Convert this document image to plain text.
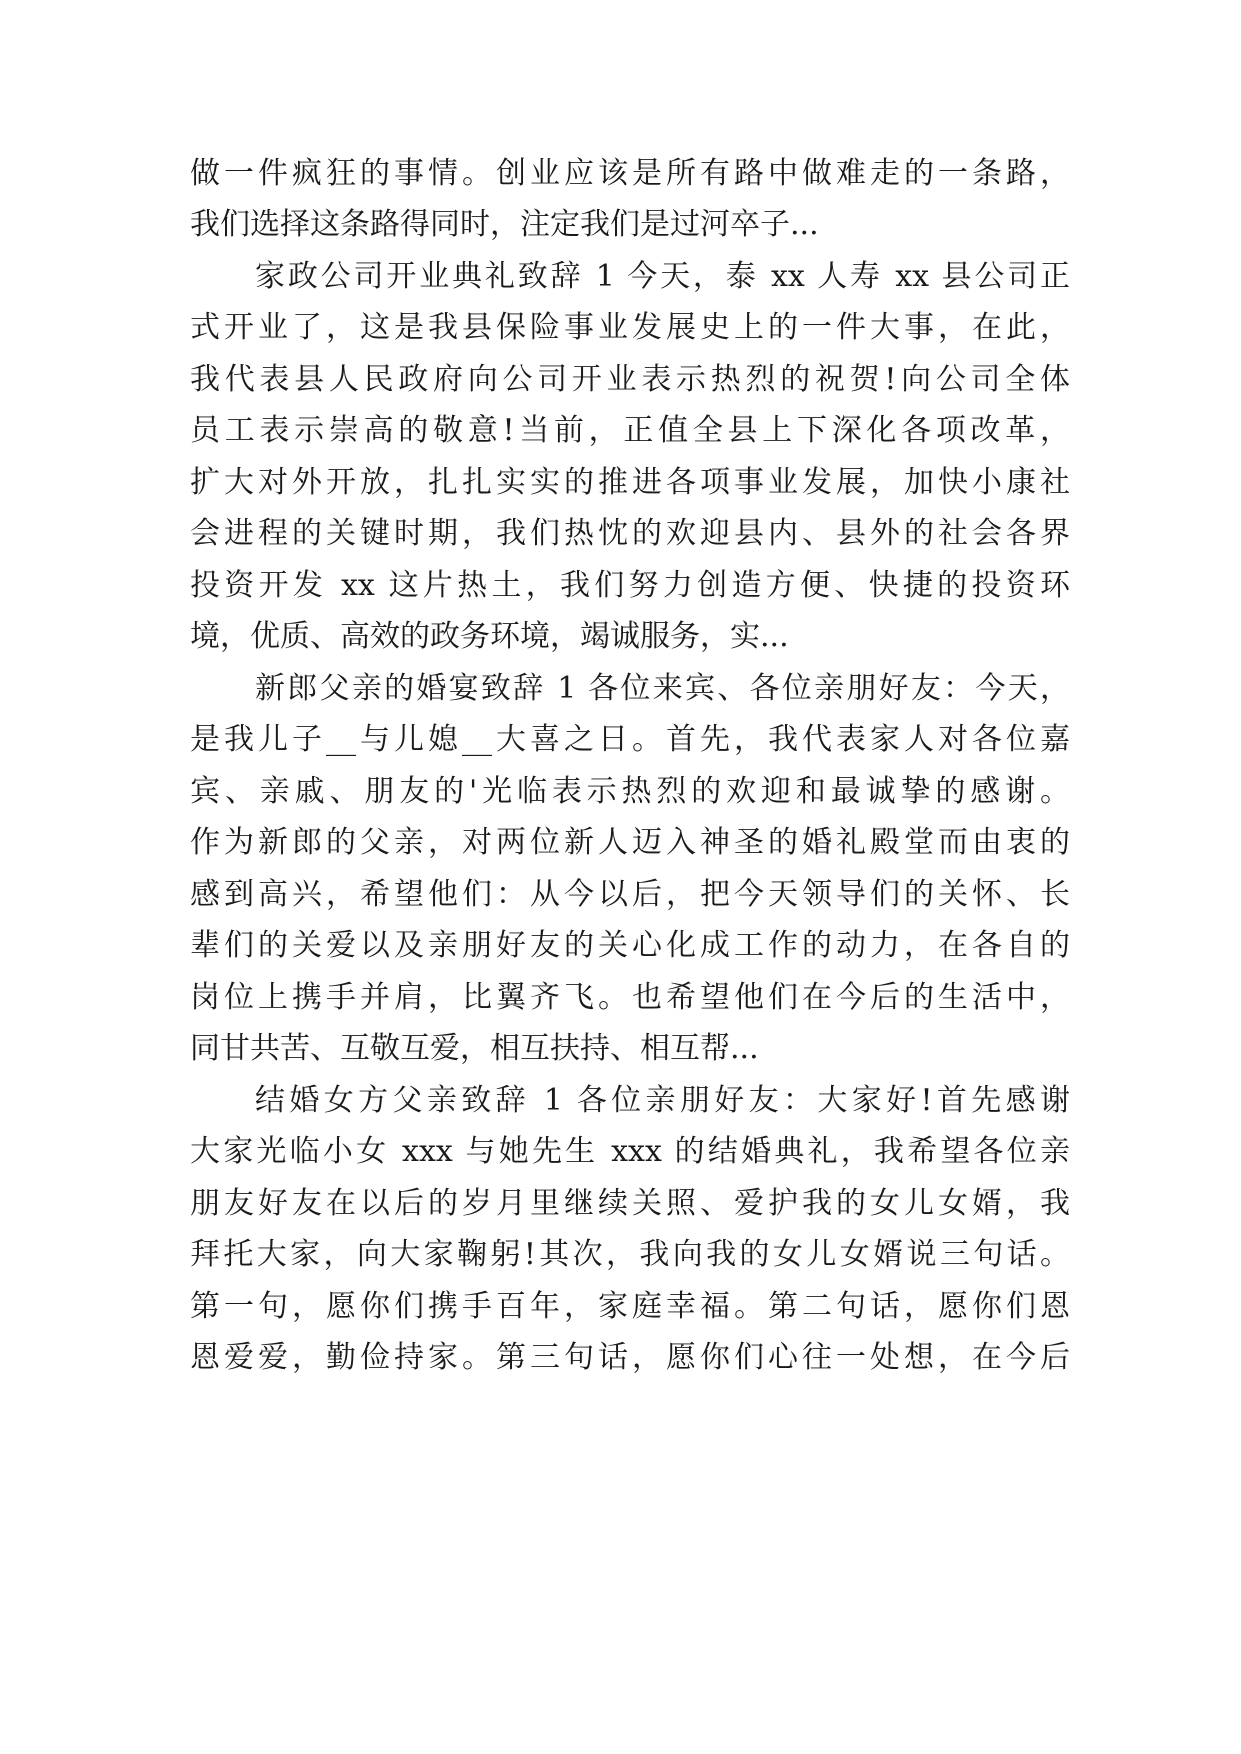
做一件疯狂的事情。创业应该是所有路中做难走的一条路，
我们选择这条路得同时，注定我们是过河卒子...
家政公司开业典礼致辞 1 今天，泰 xx 人寿 xx 县公司正
式开业了，这是我县保险事业发展史上的一件大事，在此，
我代表县人民政府向公司开业表示热烈的祝贺!向公司全体
员工表示崇高的敬意!当前，正值全县上下深化各项改革，
扩大对外开放，扎扎实实的推进各项事业发展，加快小康社
会进程的关键时期，我们热忱的欢迎县内、县外的社会各界
投资开发 xx 这片热土，我们努力创造方便、快捷的投资环
境，优质、高效的政务环境，竭诚服务，实...
新郎父亲的婚宴致辞 1 各位来宾、各位亲朋好友：今天，
是我儿子__与儿媳__大喜之日。首先，我代表家人对各位嘉
宾、亲戚、朋友的'光临表示热烈的欢迎和最诚挚的感谢。
作为新郎的父亲，对两位新人迈入神圣的婚礼殿堂而由衷的
感到高兴，希望他们：从今以后，把今天领导们的关怀、长
辈们的关爱以及亲朋好友的关心化成工作的动力，在各自的
岗位上携手并肩，比翼齐飞。也希望他们在今后的生活中，
同甘共苦、互敬互爱，相互扶持、相互帮...
结婚女方父亲致辞 1 各位亲朋好友：大家好!首先感谢
大家光临小女 xxx 与她先生 xxx 的结婚典礼，我希望各位亲
朋友好友在以后的岁月里继续关照、爱护我的女儿女婿，我
拜托大家，向大家鞠躬!其次，我向我的女儿女婿说三句话。
第一句，愿你们携手百年，家庭幸福。第二句话，愿你们恩
恩爱爱，勤俭持家。第三句话，愿你们心往一处想，在今后
